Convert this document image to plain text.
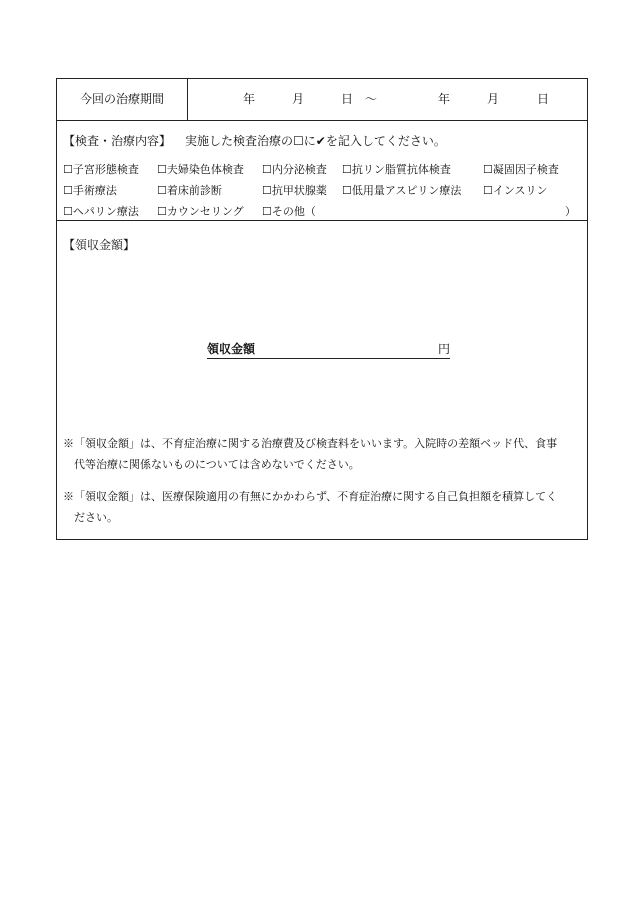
今回の治療期間	年	月	日 〜	年	月	日
【検査・治療内容】 実施した検査治療の☐に✔を記入してください。
☐子宮形態検査 ☐夫婦染色体検査 ☐内分泌検査 ☐抗リン脂質抗体検査	☐凝固因子検査
☐手術療法	☐着床前診断	☐抗甲状腺薬 ☐低用量アスピリン療法 ☐インスリン
☐ヘパリン療法 ☐カウンセリング ☐その他（	）
【領収金額】
領収金額	円
※「領収金額」は、不育症治療に関する治療費及び検査料をいいます。入院時の差額ベッド代、食事
代等治療に関係ないものについては含めないでください。
※「領収金額」は、医療保険適用の有無にかかわらず、不育症治療に関する自己負担額を積算してく
ださい。
